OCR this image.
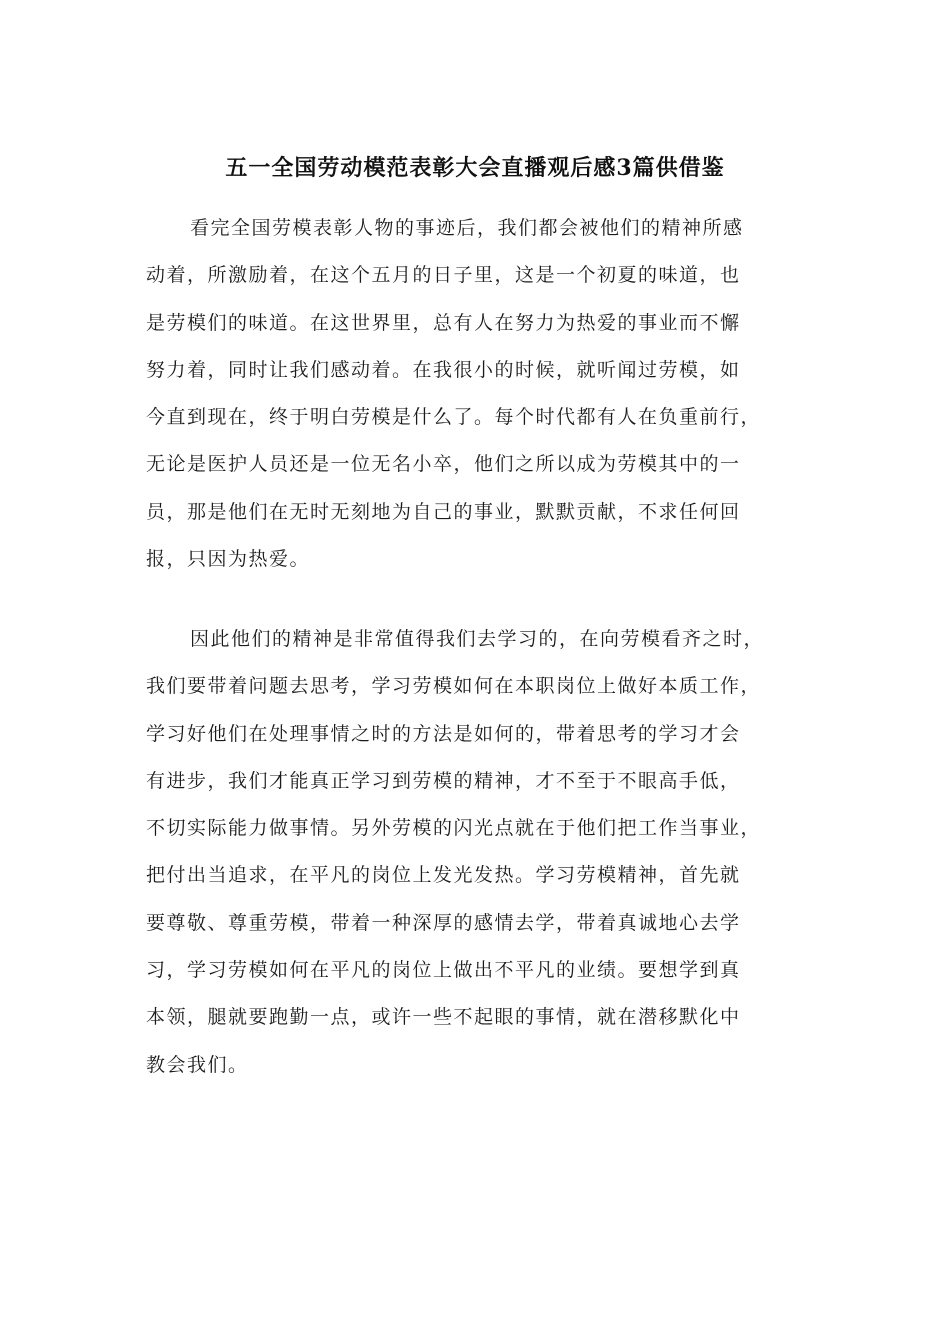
五一全国劳动模范表彰大会直播观后感3篇供借鉴
看完全国劳模表彰人物的事迹后，我们都会被他们的精神所感
动着，所激励着，在这个五月的日子里，这是一个初夏的味道，也
是劳模们的味道。在这世界里，总有人在努力为热爱的事业而不懈
努力着，同时让我们感动着。在我很小的时候，就听闻过劳模，如
今直到现在，终于明白劳模是什么了。每个时代都有人在负重前行，
无论是医护人员还是一位无名小卒，他们之所以成为劳模其中的一
员，那是他们在无时无刻地为自己的事业，默默贡献，不求任何回
报，只因为热爱。
因此他们的精神是非常值得我们去学习的，在向劳模看齐之时，
我们要带着问题去思考，学习劳模如何在本职岗位上做好本质工作，
学习好他们在处理事情之时的方法是如何的，带着思考的学习才会
有进步，我们才能真正学习到劳模的精神，才不至于不眼高手低，
不切实际能力做事情。另外劳模的闪光点就在于他们把工作当事业，
把付出当追求，在平凡的岗位上发光发热。学习劳模精神，首先就
要尊敬、尊重劳模，带着一种深厚的感情去学，带着真诚地心去学
习，学习劳模如何在平凡的岗位上做出不平凡的业绩。要想学到真
本领，腿就要跑勤一点，或许一些不起眼的事情，就在潜移默化中
教会我们。
